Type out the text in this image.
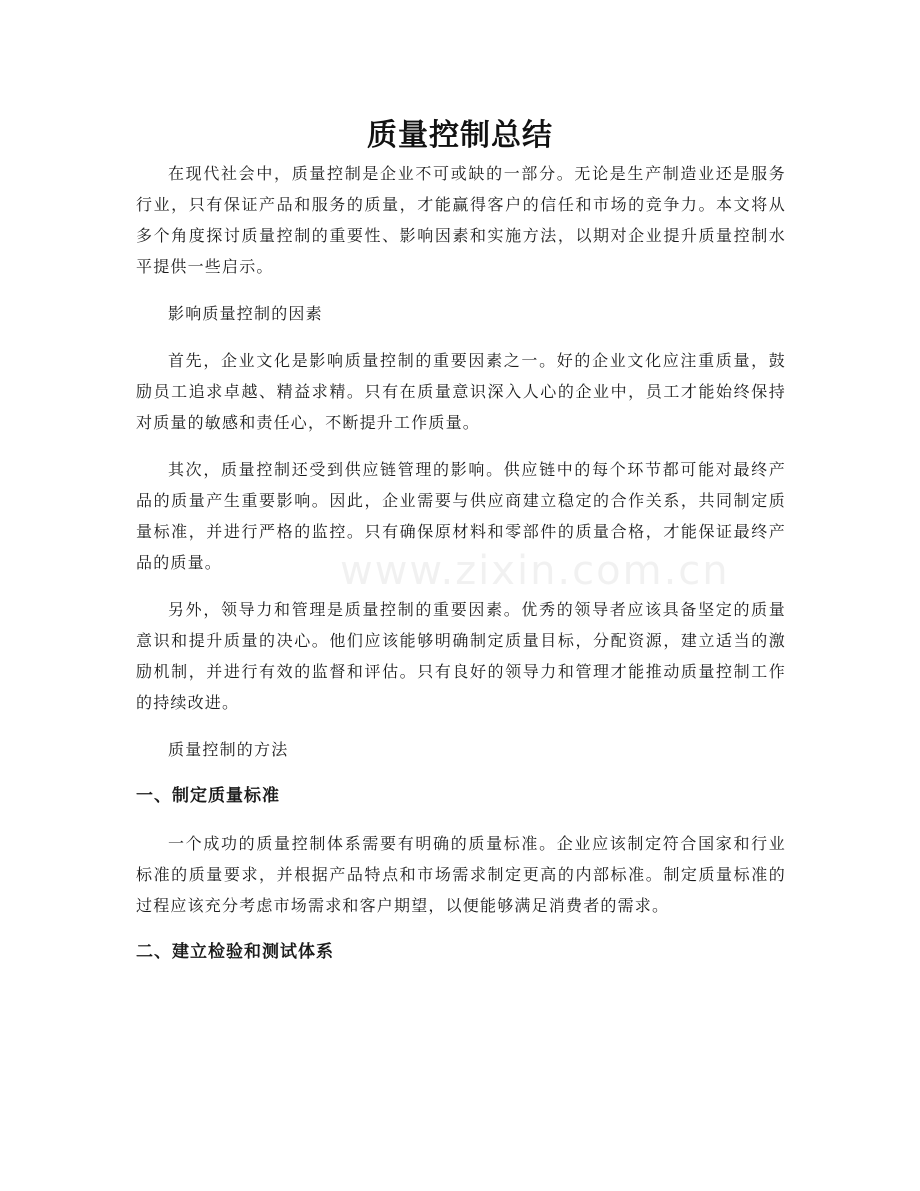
www.zixin.com.cn
质量控制总结

在现代社会中，质量控制是企业不可或缺的一部分。无论是生产制造业还是服务行业，只有保证产品和服务的质量，才能赢得客户的信任和市场的竞争力。本文将从多个角度探讨质量控制的重要性、影响因素和实施方法，以期对企业提升质量控制水平提供一些启示。

影响质量控制的因素

首先，企业文化是影响质量控制的重要因素之一。好的企业文化应注重质量，鼓励员工追求卓越、精益求精。只有在质量意识深入人心的企业中，员工才能始终保持对质量的敏感和责任心，不断提升工作质量。

其次，质量控制还受到供应链管理的影响。供应链中的每个环节都可能对最终产品的质量产生重要影响。因此，企业需要与供应商建立稳定的合作关系，共同制定质量标准，并进行严格的监控。只有确保原材料和零部件的质量合格，才能保证最终产品的质量。

另外，领导力和管理是质量控制的重要因素。优秀的领导者应该具备坚定的质量意识和提升质量的决心。他们应该能够明确制定质量目标，分配资源，建立适当的激励机制，并进行有效的监督和评估。只有良好的领导力和管理才能推动质量控制工作的持续改进。

质量控制的方法

一、制定质量标准

一个成功的质量控制体系需要有明确的质量标准。企业应该制定符合国家和行业标准的质量要求，并根据产品特点和市场需求制定更高的内部标准。制定质量标准的过程应该充分考虑市场需求和客户期望，以便能够满足消费者的需求。

二、建立检验和测试体系
